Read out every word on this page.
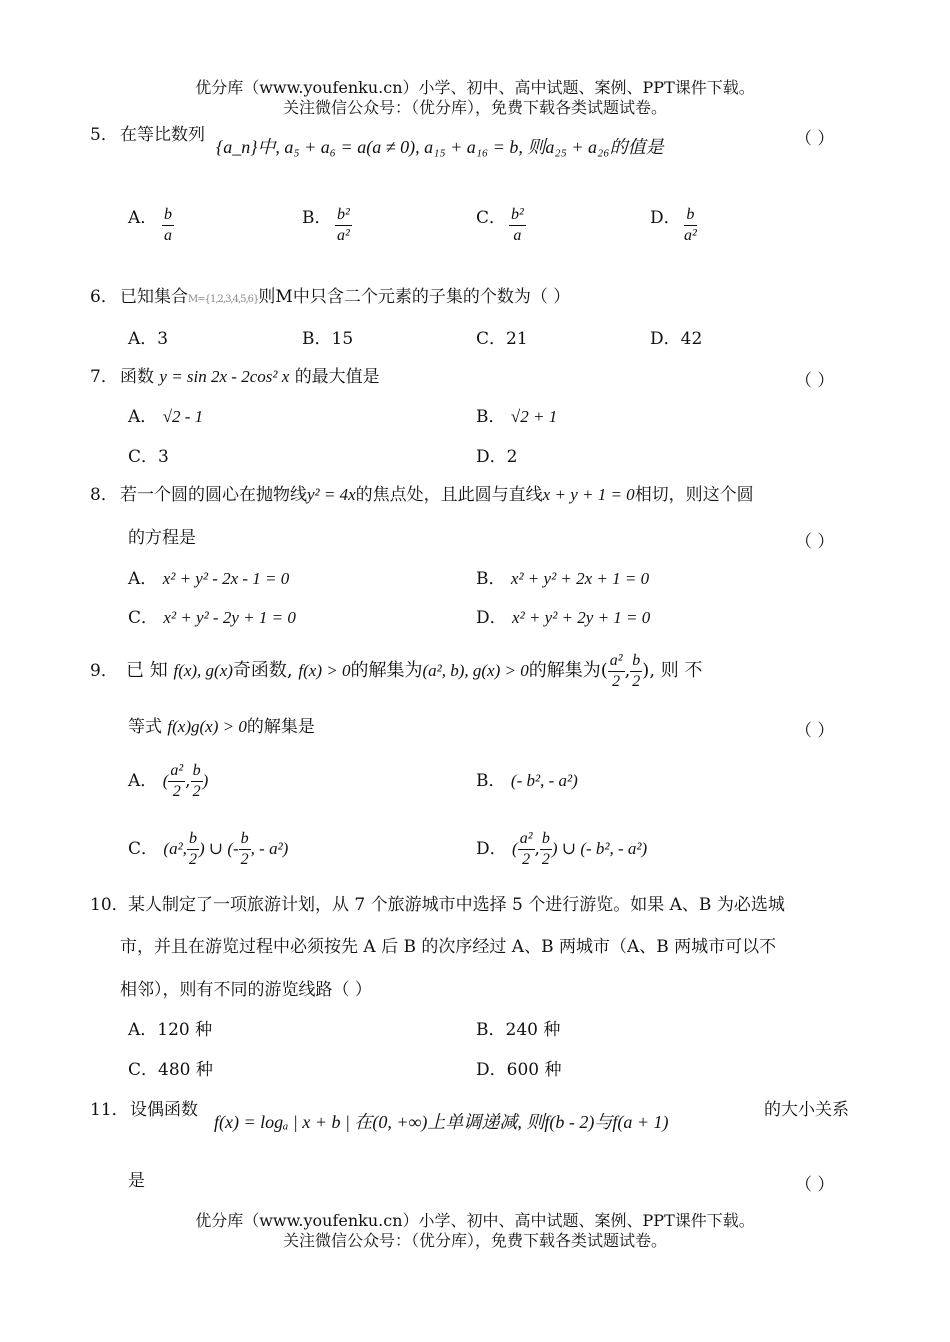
优分库（www.youfenku.cn）小学、初中、高中试题、案例、PPT课件下载。
关注微信公众号：（优分库），免费下载各类试题试卷。
5． 在等比数列
{a_n}中, a₅ + a₆ = a(a ≠ 0), a₁₅ + a₁₆ = b, 则a₂₅ + a₂₆的值是	（ ）
A． $\frac{b}{a}$	B． $\frac{\text{b²}}{\text{a²}}$	C． $\frac{\text{b²}}{a}$	D． $\frac{b}{\text{a²}}$
6． 已知集合M={1,2,3,4,5,6}则M中只含二个元素的子集的个数为（ ）
A．3	B．15	C．21	D．42
7． 函数 y = sin 2x - 2cos² x 的最大值是	（ ）
A． √2 - 1	B． √2 + 1
C．3	D．2
8． 若一个圆的圆心在抛物线y² = 4x的焦点处，且此圆与直线x + y + 1 = 0相切，则这个圆
的方程是	（ ）
A． x² + y² - 2x - 1 = 0	B． x² + y² + 2x + 1 = 0
C． x² + y² - 2y + 1 = 0	D． x² + y² + 2y + 1 = 0
9． 已 知 f(x), g(x)奇函数, f(x) > 0的解集为(a², b), g(x) > 0的解集为( $\frac{\text{a²}}{2}$ , $\frac{b}{2}$ ), 则 不
等式 f(x)g(x) > 0的解集是	（ ）
A． ( $\frac{\text{a²}}{2}$ , $\frac{b}{2}$ )	B． (- b², - a²)
C． (a², $\frac{b}{2}$ ) ∪ (- $\frac{b}{2}$ , - a²)	D． ( $\frac{\text{a²}}{2}$ , $\frac{b}{2}$ ) ∪ (- b², - a²)
10． 某人制定了一项旅游计划，从 7 个旅游城市中选择 5 个进行游览。如果 A、B 为必选城
市，并且在游览过程中必须按先 A 后 B 的次序经过 A、B 两城市（A、B 两城市可以不
相邻），则有不同的游览线路（ ）
A．120 种	B．240 种
C．480 种	D．600 种
11． 设偶函数
f(x) = logₐ | x + b | 在(0, +∞)上单调递减, 则f(b - 2)与f(a + 1)
的大小关系
是	（ ）
优分库（www.youfenku.cn）小学、初中、高中试题、案例、PPT课件下载。
关注微信公众号：（优分库），免费下载各类试题试卷。
